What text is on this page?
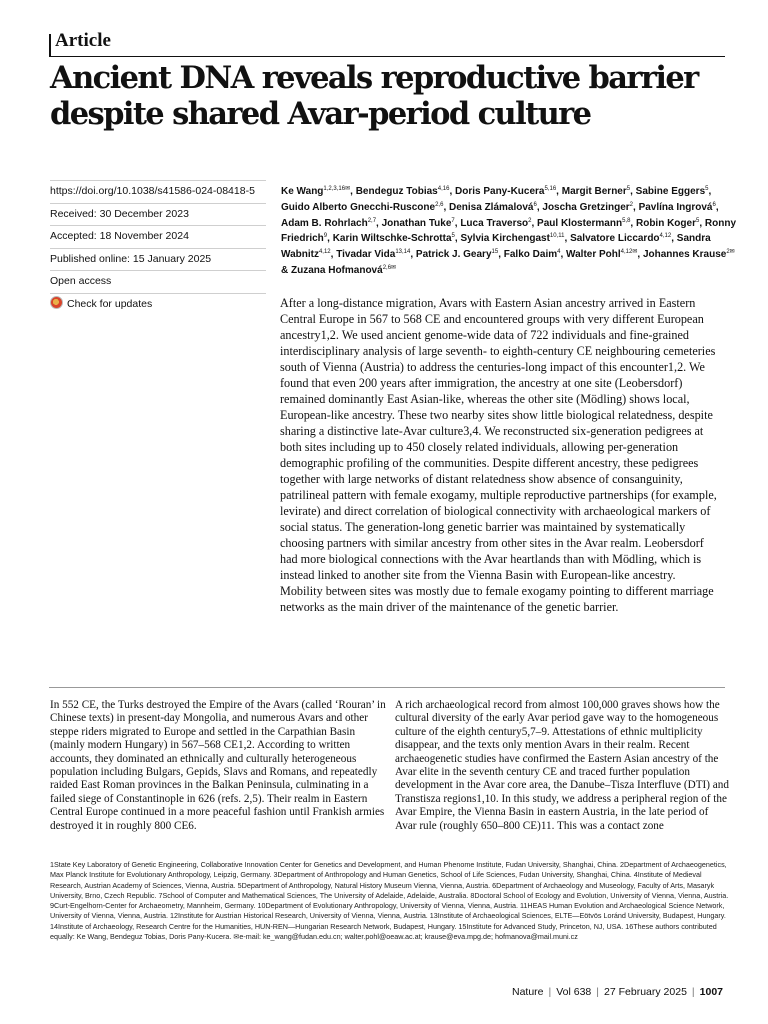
Article
Ancient DNA reveals reproductive barrier
despite shared Avar-period culture
https://doi.org/10.1038/s41586-024-08418-5
Received: 30 December 2023
Accepted: 18 November 2024
Published online: 15 January 2025
Open access
Check for updates
Ke Wang$^{1,2,3,16✉}$, Bendeguz Tobias$^{4,16}$, Doris Pany-Kucera$^{5,16}$, Margit Berner$^5$, Sabine Eggers$^5$, Guido Alberto Gnecchi-Ruscone$^{2,6}$, Denisa Zlámalová$^6$, Joscha Gretzinger$^2$, Pavlína Ingrová$^6$, Adam B. Rohrlach$^{2,7}$, Jonathan Tuke$^7$, Luca Traverso$^2$, Paul Klostermann$^{5,8}$, Robin Koger$^5$, Ronny Friedrich$^9$, Karin Wiltschke-Schrotta$^5$, Sylvia Kirchengast$^{10,11}$, Salvatore Liccardo$^{4,12}$, Sandra Wabnitz$^{4,12}$, Tivadar Vida$^{13,14}$, Patrick J. Geary$^{15}$, Falko Daim$^4$, Walter Pohl$^{4,12✉}$, Johannes Krause$^{2✉}$ & Zuzana Hofmanová$^{2,6✉}$
After a long-distance migration, Avars with Eastern Asian ancestry arrived in Eastern Central Europe in 567 to 568 CE and encountered groups with very different European ancestry1,2. We used ancient genome-wide data of 722 individuals and fine-grained interdisciplinary analysis of large seventh- to eighth-century CE neighbouring cemeteries south of Vienna (Austria) to address the centuries-long impact of this encounter1,2. We found that even 200 years after immigration, the ancestry at one site (Leobersdorf) remained dominantly East Asian-like, whereas the other site (Mödling) shows local, European-like ancestry. These two nearby sites show little biological relatedness, despite sharing a distinctive late-Avar culture3,4. We reconstructed six-generation pedigrees at both sites including up to 450 closely related individuals, allowing per-generation demographic profiling of the communities. Despite different ancestry, these pedigrees together with large networks of distant relatedness show absence of consanguinity, patrilineal pattern with female exogamy, multiple reproductive partnerships (for example, levirate) and direct correlation of biological connectivity with archaeological markers of social status. The generation-long genetic barrier was maintained by systematically choosing partners with similar ancestry from other sites in the Avar realm. Leobersdorf had more biological connections with the Avar heartlands than with Mödling, which is instead linked to another site from the Vienna Basin with European-like ancestry. Mobility between sites was mostly due to female exogamy pointing to different marriage networks as the main driver of the maintenance of the genetic barrier.
In 552 CE, the Turks destroyed the Empire of the Avars (called ‘Rouran’ in Chinese texts) in present-day Mongolia, and numerous Avars and other steppe riders migrated to Europe and settled in the Carpathian Basin (mainly modern Hungary) in 567–568 CE1,2. According to written accounts, they dominated an ethnically and culturally heterogeneous population including Bulgars, Gepids, Slavs and Romans, and repeatedly raided East Roman provinces in the Balkan Peninsula, culminating in a failed siege of Constantinople in 626 (refs. 2,5). Their realm in Eastern Central Europe continued in a more peaceful fashion until Frankish armies destroyed it in roughly 800 CE6.
A rich archaeological record from almost 100,000 graves shows how the cultural diversity of the early Avar period gave way to the homogeneous culture of the eighth century5,7–9. Attestations of ethnic multiplicity disappear, and the texts only mention Avars in their realm. Recent archaeogenetic studies have confirmed the Eastern Asian ancestry of the Avar elite in the seventh century CE and traced further population development in the Avar core area, the Danube–Tisza Interfluve (DTI) and Transtisza regions1,10. In this study, we address a peripheral region of the Avar Empire, the Vienna Basin in eastern Austria, in the late period of Avar rule (roughly 650–800 CE)11. This was a contact zone
1State Key Laboratory of Genetic Engineering, Collaborative Innovation Center for Genetics and Development, and Human Phenome Institute, Fudan University, Shanghai, China. 2Department of Archaeogenetics, Max Planck Institute for Evolutionary Anthropology, Leipzig, Germany. 3Department of Anthropology and Human Genetics, School of Life Sciences, Fudan University, Shanghai, China. 4Institute of Medieval Research, Austrian Academy of Sciences, Vienna, Austria. 5Department of Anthropology, Natural History Museum Vienna, Vienna, Austria. 6Department of Archaeology and Museology, Faculty of Arts, Masaryk University, Brno, Czech Republic. 7School of Computer and Mathematical Sciences, The University of Adelaide, Adelaide, Australia. 8Doctoral School of Ecology and Evolution, University of Vienna, Vienna, Austria. 9Curt-Engelhorn-Center for Archaeometry, Mannheim, Germany. 10Department of Evolutionary Anthropology, University of Vienna, Vienna, Austria. 11HEAS Human Evolution and Archaeological Science Network, University of Vienna, Vienna, Austria. 12Institute for Austrian Historical Research, University of Vienna, Vienna, Austria. 13Institute of Archaeological Sciences, ELTE—Eötvös Loránd University, Budapest, Hungary. 14Institute of Archaeology, Research Centre for the Humanities, HUN-REN—Hungarian Research Network, Budapest, Hungary. 15Institute for Advanced Study, Princeton, NJ, USA. 16These authors contributed equally: Ke Wang, Bendeguz Tobias, Doris Pany-Kucera. ✉e-mail: ke_wang@fudan.edu.cn; walter.pohl@oeaw.ac.at; krause@eva.mpg.de; hofmanova@mail.muni.cz
Nature | Vol 638 | 27 February 2025 | 1007
